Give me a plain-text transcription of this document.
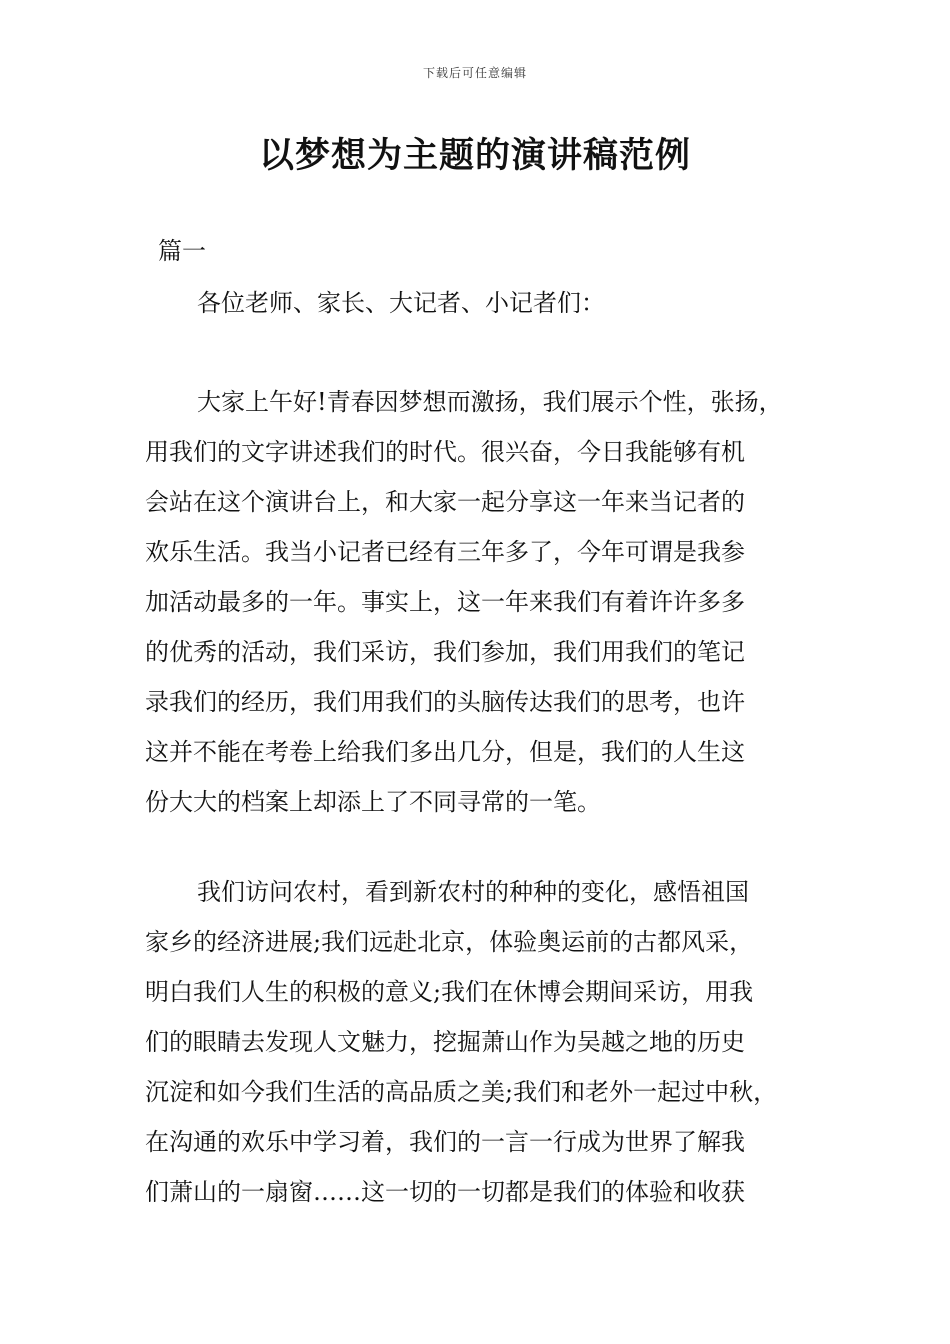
下载后可任意编辑
以梦想为主题的演讲稿范例
篇一
各位老师、家长、大记者、小记者们：
大家上午好!青春因梦想而激扬，我们展示个性，张扬，
用我们的文字讲述我们的时代。很兴奋，今日我能够有机
会站在这个演讲台上，和大家一起分享这一年来当记者的
欢乐生活。我当小记者已经有三年多了，今年可谓是我参
加活动最多的一年。事实上，这一年来我们有着许许多多
的优秀的活动，我们采访，我们参加，我们用我们的笔记
录我们的经历，我们用我们的头脑传达我们的思考，也许
这并不能在考卷上给我们多出几分，但是，我们的人生这
份大大的档案上却添上了不同寻常的一笔。
我们访问农村，看到新农村的种种的变化，感悟祖国
家乡的经济进展;我们远赴北京，体验奥运前的古都风采，
明白我们人生的积极的意义;我们在休博会期间采访，用我
们的眼睛去发现人文魅力，挖掘萧山作为吴越之地的历史
沉淀和如今我们生活的高品质之美;我们和老外一起过中秋，
在沟通的欢乐中学习着，我们的一言一行成为世界了解我
们萧山的一扇窗……这一切的一切都是我们的体验和收获
